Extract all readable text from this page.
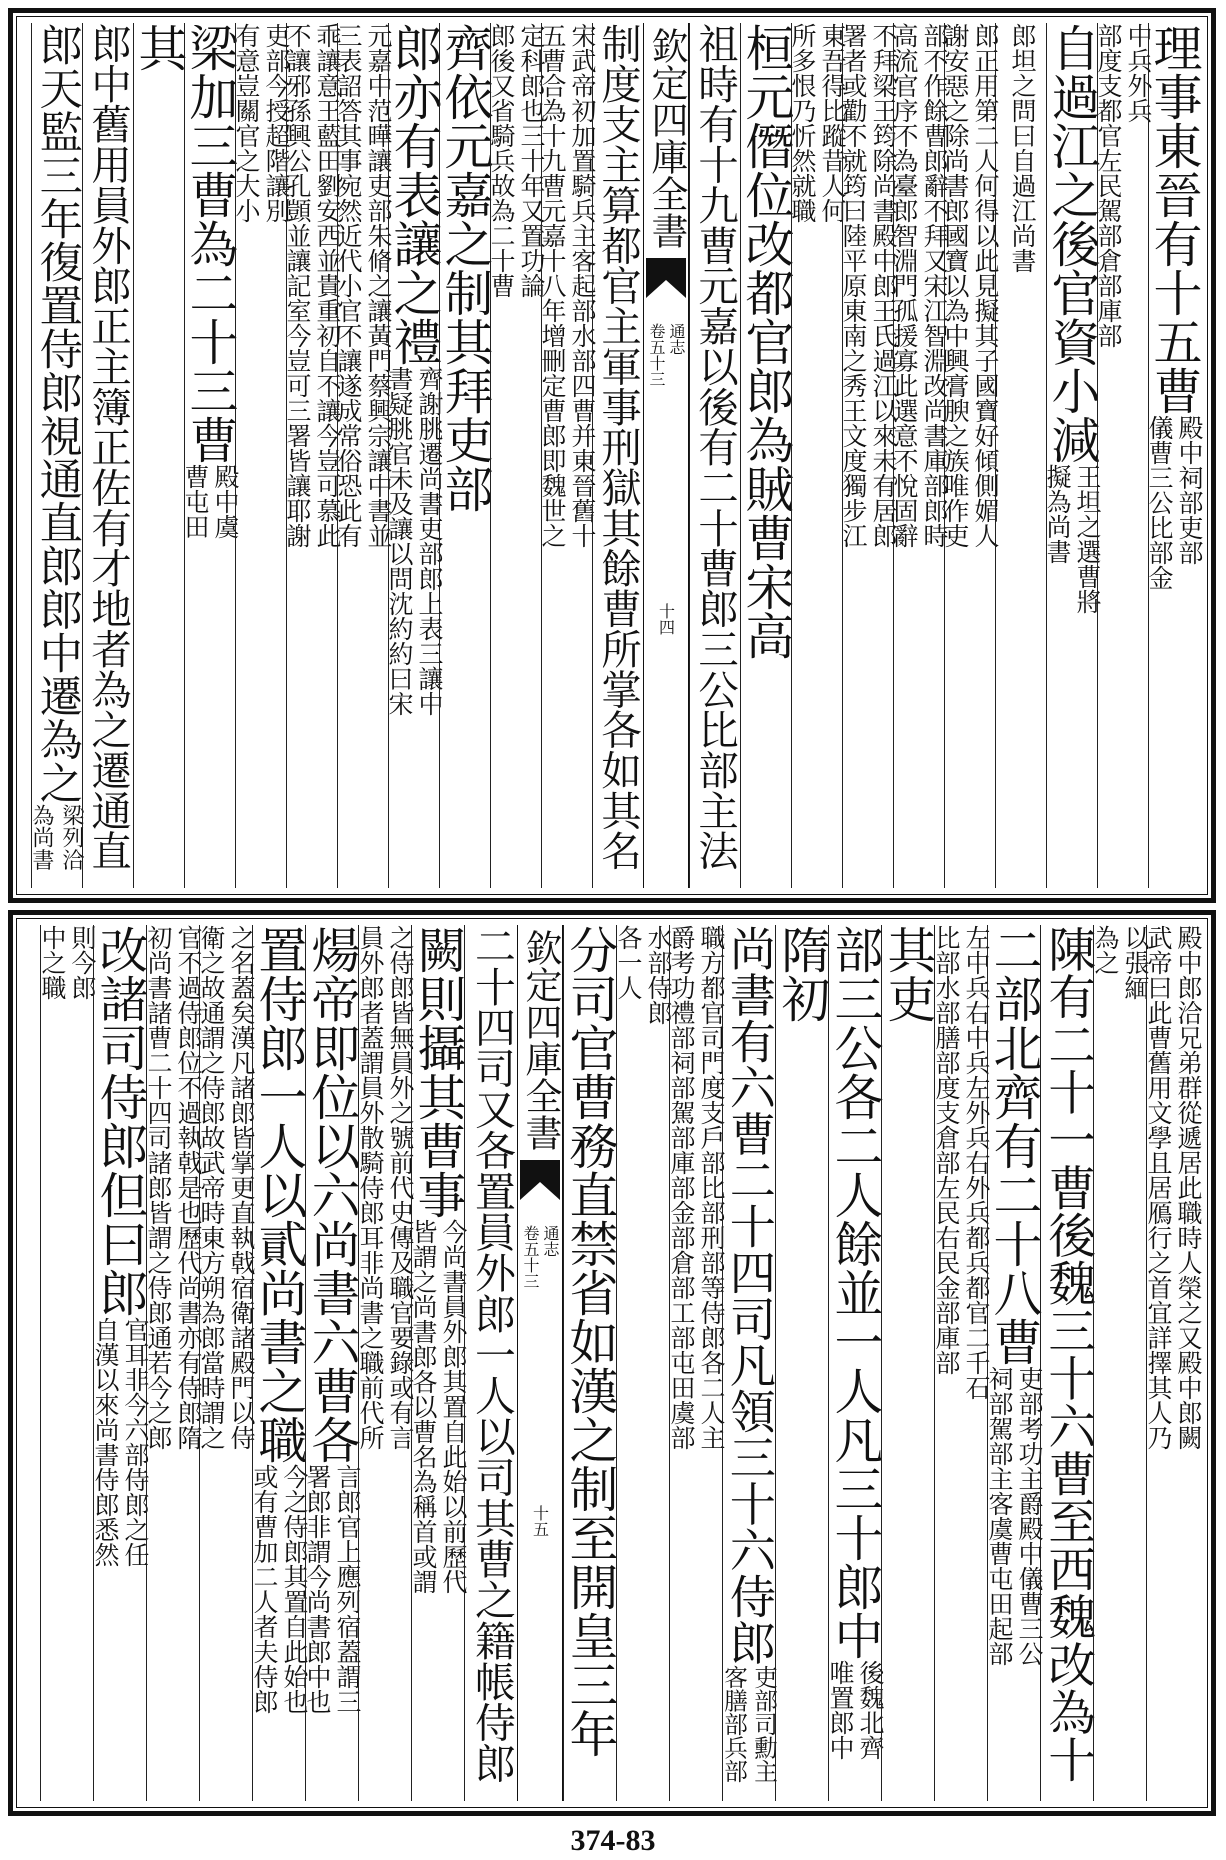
理事東晉有十五曹
殿中祠部吏部
儀曹三公比部金
中兵外兵
部度支都官左民駕部倉部庫部
自過江之後官資小減
王坦之選曹將
擬為尚書
郎坦之問曰自過江尚書
郎正用第二人何得以此見擬其子國寶好傾側媚人
謝安惡之除尚書郎國寶以為中興膏腴之族唯作吏
部不作餘曹郎辭不拜又宋江智淵改尚書庫部郎時
高流官序不為臺郎智淵門孤援寡此選意不悅固辭
不拜梁王筠除尚書殿中郎王氏過江以來未有居郎
署者或勸不就筠曰陸平原東南之秀王文度獨步江
東吾得比蹤昔人何
所多恨乃忻然就職
桓元僭位改都官郎為賊曹宋高
祖時有十九曹元嘉以後有二十曹郎三公比部主法
欽定四庫全書
通志
卷五十三
十四
制度支主算都官主軍事刑獄其餘曹所掌各如其名
宋武帝初加置騎兵主客起部水部四曹并東晉舊十
五曹合為十九曹元嘉十八年增刪定曹郎即魏世之
定科郎也三十年又置功論
郎後又省騎兵故為二十曹
齊依元嘉之制其拜吏部
郎亦有表讓之禮
齊謝朓遷尚書吏部郎上表三讓中
書疑朓官未及讓以問沈約約曰宋
元嘉中范曄讓吏部朱脩之讓黃門蔡興宗讓中書並
三表詔答其事宛然近代小官不讓遂成常俗恐此有
乖讓意王藍田劉安西並貴重初自不讓今豈可慕此
不讓邪孫興公孔顗並讓記室今豈可三署皆讓耶謝
吏部今授超階讓別
有意豈關官之大小
梁加三曹為二十三曹
殿中虞
曹屯田
其
郎中舊用員外郎正主簿正佐有才地者為之遷通直
郎天監三年復置侍郎視通直郎郎中遷為之
梁列洽
為尚書
殿中郎洽兄弟群從遞居此職時人榮之又殿中郎闕
武帝曰此曹舊用文學且居鴈行之首宜詳擇其人乃
以張緬
為之
陳有二十一曹後魏三十六曹至西魏改為十
二部北齊有二十八曹
吏部考功主爵殿中儀曹三公
祠部駕部主客虞曹屯田起部
左中兵右中兵左外兵右外兵都兵都官二千石
比部水部膳部度支倉部左民右民金部庫部
其吏
部三公各二人餘並一人凡三十郎中
後魏北齊
唯置郎中
隋初
尚書有六曹二十四司凡領三十六侍郎
吏部司勳主
客膳部兵部
職方都官司門度支戶部比部刑部等侍郎各二人主
爵考功禮部祠部駕部庫部金部倉部工部屯田虞部
水部侍郎
各一人
分司官曹務直禁省如漢之制至開皇三年
欽定四庫全書
通志
卷五十三
十五
二十四司又各置員外郎一人以司其曹之籍帳侍郎
闕則攝其曹事
今尚書員外郎其置自此始以前歷代
皆謂之尚書郎各以曹名為稱首或謂
之侍郎皆無員外之號前代史傳及職官要錄或有言
員外郎者蓋謂員外散騎侍郎耳非尚書之職前代所
煬帝即位以六尚書六曹各
言郎官上應列宿蓋謂三
署郎非謂今尚書郎中也
置侍郎一人以貳尚書之職
今之侍郎其置自此始也
或有曹加二人者夫侍郎
之名蓋矣漢凡諸郎皆掌更直執戟宿衛諸殿門以侍
衛之故通謂之侍郎故武帝時東方朔為郎當時謂之
官不過侍郎位不過執戟是也歷代尚書亦有侍郎隋
初尚書諸曹二十四司諸郎皆謂之侍郎通若今之郎
改諸司侍郎但曰郎
官耳非今六部侍郎之任
自漢以來尚書侍郎悉然
則今郎
中之職
374-83
